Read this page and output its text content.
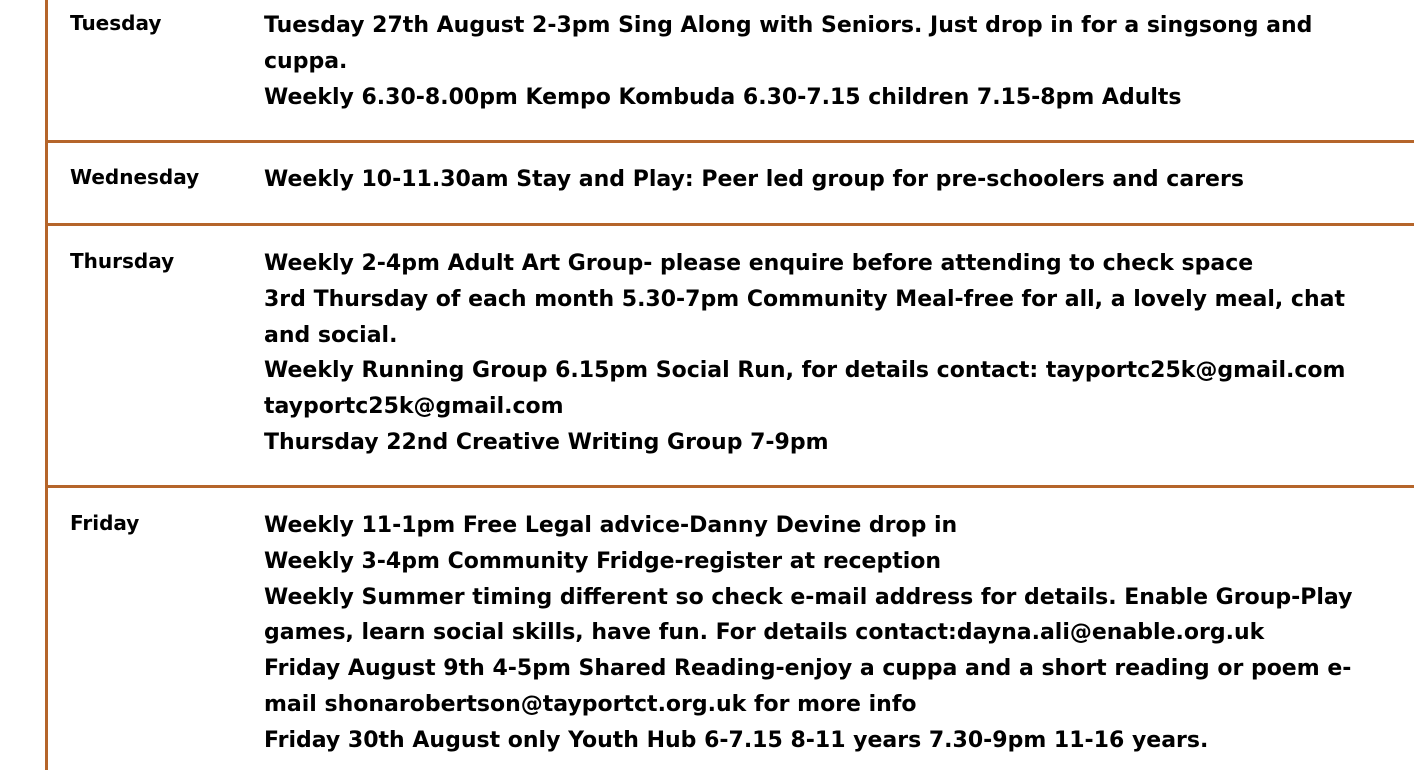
Tuesday	Tuesday 27th August 2-3pm Sing Along with Seniors. Just drop in for a singsong and
cuppa.
Weekly 6.30-8.00pm Kempo Kombuda 6.30-7.15 children 7.15-8pm Adults
Wednesday	Weekly 10-11.30am Stay and Play: Peer led group for pre-schoolers and carers
Thursday	Weekly 2-4pm Adult Art Group- please enquire before attending to check space
3rd Thursday of each month 5.30-7pm Community Meal-free for all, a lovely meal, chat
and social.
Weekly Running Group 6.15pm Social Run, for details contact: tayportc25k@gmail.com
tayportc25k@gmail.com
Thursday 22nd Creative Writing Group 7-9pm
Friday	Weekly 11-1pm Free Legal advice-Danny Devine drop in
Weekly 3-4pm Community Fridge-register at reception
Weekly Summer timing different so check e-mail address for details. Enable Group-Play
games, learn social skills, have fun. For details contact:dayna.ali@enable.org.uk
Friday August 9th 4-5pm Shared Reading-enjoy a cuppa and a short reading or poem e-
mail shonarobertson@tayportct.org.uk for more info
Friday 30th August only Youth Hub 6-7.15 8-11 years 7.30-9pm 11-16 years.
